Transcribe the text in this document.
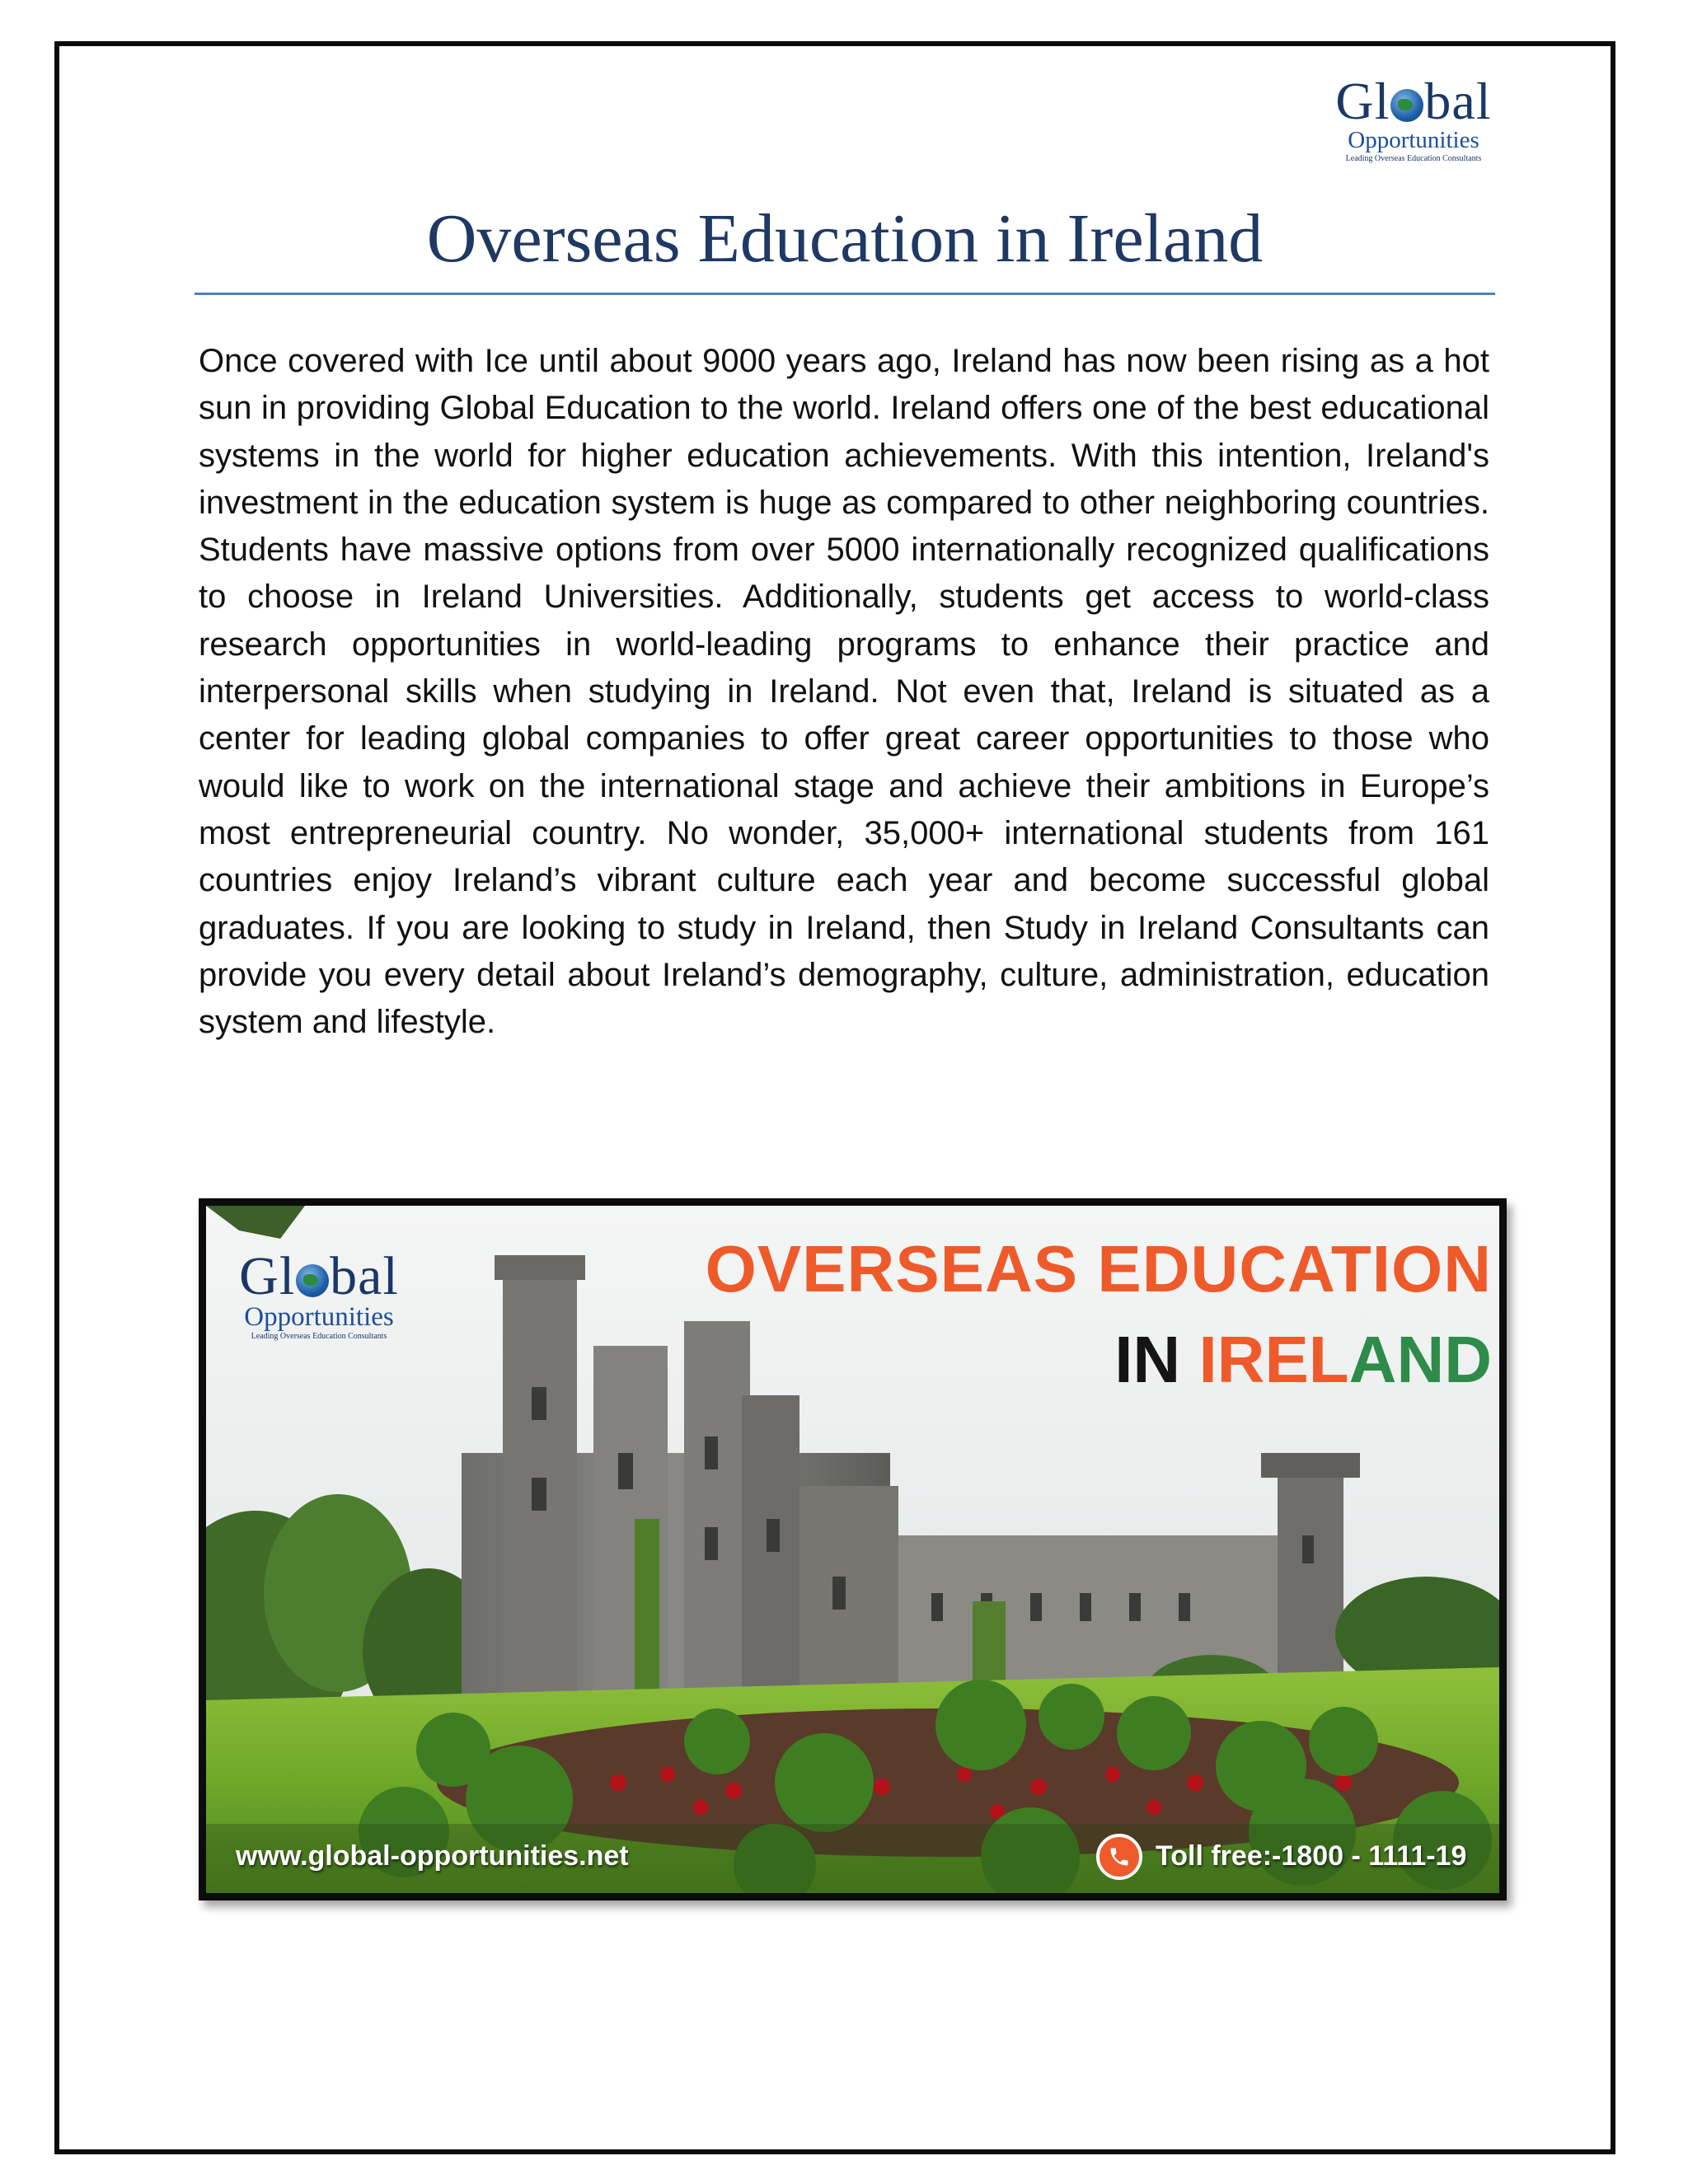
Gl bal
Opportunities
Leading Overseas Education Consultants
Overseas Education in Ireland

Once covered with Ice until about 9000 years ago, Ireland has now been rising as a hot sun in providing Global Education to the world. Ireland offers one of the best educational systems in the world for higher education achievements. With this intention, Ireland's investment in the education system is huge as compared to other neighboring countries. Students have massive options from over 5000 internationally recognized qualifications to choose in Ireland Universities. Additionally, students get access to world-class research opportunities in world-leading programs to enhance their practice and interpersonal skills when studying in Ireland. Not even that, Ireland is situated as a center for leading global companies to offer great career opportunities to those who would like to work on the international stage and achieve their ambitions in Europe’s most entrepreneurial country. No wonder, 35,000+ international students from 161 countries enjoy Ireland’s vibrant culture each year and become successful global graduates. If you are looking to study in Ireland, then Study in Ireland Consultants can provide you every detail about Ireland’s demography, culture, administration, education system and lifestyle.

Gl bal
Opportunities
Leading Overseas Education Consultants
OVERSEAS EDUCATION
IN IRELAND
www.global-opportunities.net	Toll free:-1800 - 1111-19
